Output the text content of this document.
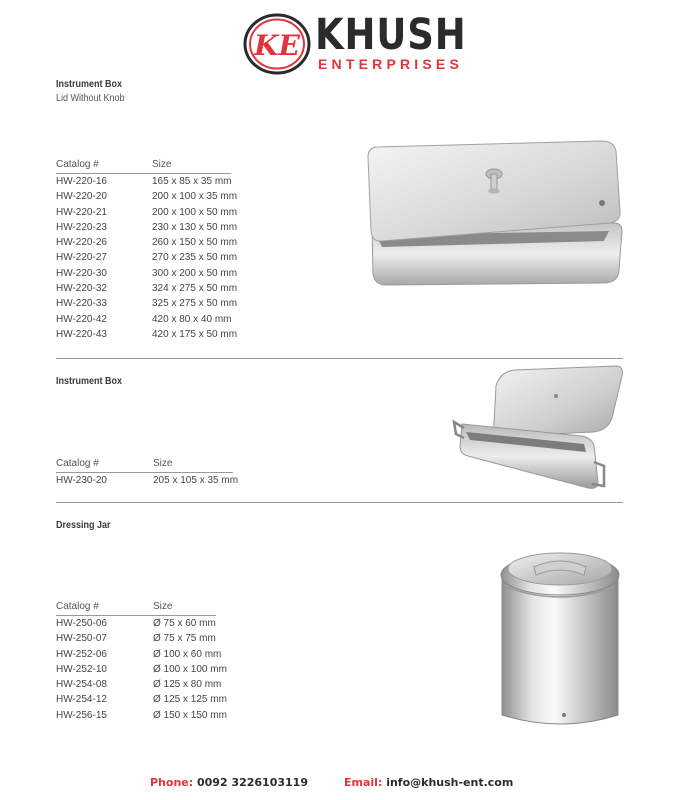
KE KHUSH
ENTERPRISES
Instrument Box
Lid Without Knob
Catalog #	Size
HW-220-16	165 x 85 x 35 mm
HW-220-20	200 x 100 x 35 mm
HW-220-21	200 x 100 x 50 mm
HW-220-23	230 x 130 x 50 mm
HW-220-26	260 x 150 x 50 mm
HW-220-27	270 x 235 x 50 mm
HW-220-30	300 x 200 x 50 mm
HW-220-32	324 x 275 x 50 mm
HW-220-33	325 x 275 x 50 mm
HW-220-42	420 x 80 x 40 mm
HW-220-43	420 x 175 x 50 mm
Instrument Box
Catalog #	Size
HW-230-20	205 x 105 x 35 mm
Dressing Jar
Catalog #	Size
HW-250-06	Ø 75 x 60 mm
HW-250-07	Ø 75 x 75 mm
HW-252-06	Ø 100 x 60 mm
HW-252-10	Ø 100 x 100 mm
HW-254-08	Ø 125 x 80 mm
HW-254-12	Ø 125 x 125 mm
HW-256-15	Ø 150 x 150 mm
Phone: 0092 3226103119	Email: info@khush-ent.com
